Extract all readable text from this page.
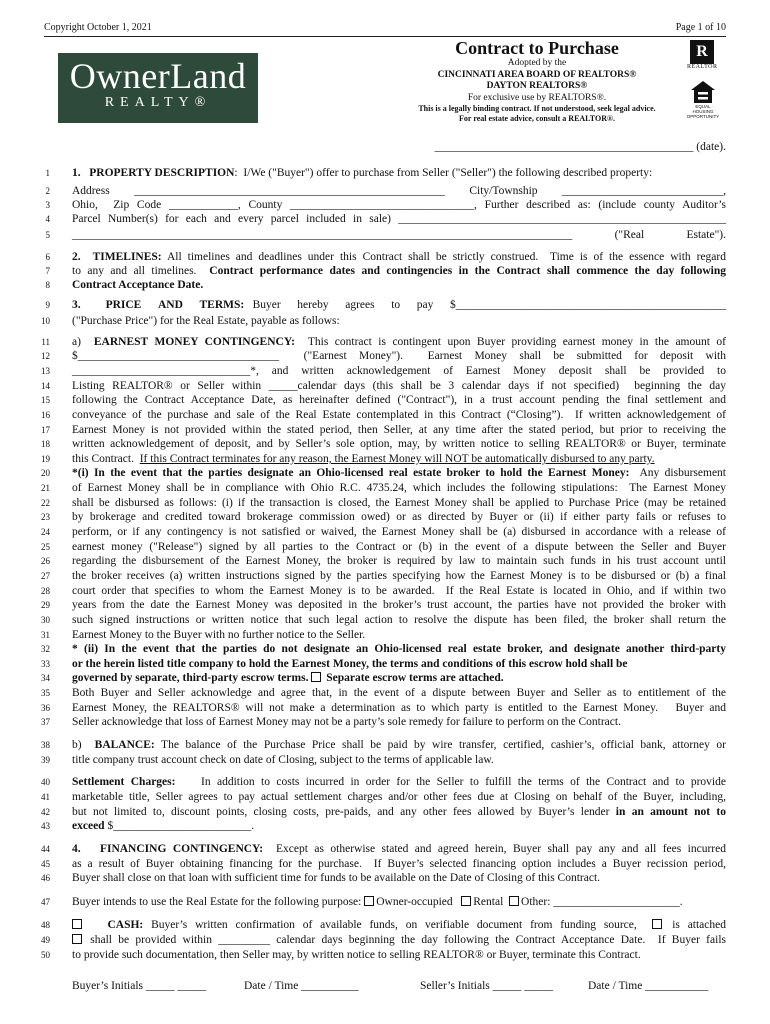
Copyright October 1, 2021	Page 1 of 10
OwnerLand
REALTY®
Contract to Purchase
Adopted by the
CINCINNATI AREA BOARD OF REALTORS®
DAYTON REALTORS®
For exclusive use by REALTORS®.
This is a legally binding contract. If not understood, seek legal advice.
For real estate advice, consult a REALTOR®.
R
REALTOR
EQUAL HOUSING
OPPORTUNITY
_____________________________________________ (date).
1 1.   PROPERTY DESCRIPTION:  I/We ("Buyer") offer to purchase from Seller ("Seller") the following described property:
2 Address ______________________________________________________ City/Township ____________________________,
3 Ohio,  Zip Code ____________, County ________________________________, Further described as: (include county Auditor’s
4 Parcel Number(s) for each and every parcel included in sale) _________________________________________________________
5 _______________________________________________________________________________________ ("Real Estate").
6 2.  TIMELINES: All timelines and deadlines under this Contract shall be strictly construed.  Time is of the essence with regard
7 to any and all timelines.  Contract performance dates and contingencies in the Contract shall commence the day following
8 Contract Acceptance Date.
9 3.   PRICE  AND  TERMS: Buyer  hereby  agrees  to  pay  $_______________________________________________
10 ("Purchase Price") for the Real Estate, payable as follows:
11 a)  EARNEST MONEY CONTINGENCY:  This contract is contingent upon Buyer providing earnest money in the amount of
12 $___________________________________  ("Earnest Money").  Earnest Money shall be submitted for deposit with
13 _______________________________*, and written acknowledgement of Earnest Money deposit shall be provided to
14 Listing REALTOR® or Seller within _____calendar days (this shall be 3 calendar days if not specified)  beginning the day
15 following the Contract Acceptance Date, as hereinafter defined ("Contract"), in a trust account pending the final settlement and
16 conveyance of the purchase and sale of the Real Estate contemplated in this Contract (“Closing”).  If written acknowledgement of
17 Earnest Money is not provided within the stated period, then Seller, at any time after the stated period, but prior to receiving the
18 written acknowledgement of deposit, and by Seller’s sole option, may, by written notice to selling REALTOR® or Buyer, terminate
19 this Contract.  If this Contract terminates for any reason, the Earnest Money will NOT be automatically disbursed to any party.
20 *(i) In the event that the parties designate an Ohio-licensed real estate broker to hold the Earnest Money:  Any disbursement
21 of Earnest Money shall be in compliance with Ohio R.C. 4735.24, which includes the following stipulations:  The Earnest Money
22 shall be disbursed as follows: (i) if the transaction is closed, the Earnest Money shall be applied to Purchase Price (may be retained
23 by brokerage and credited toward brokerage commission owed) or as directed by Buyer or (ii) if either party fails or refuses to
24 perform, or if any contingency is not satisfied or waived, the Earnest Money shall be (a) disbursed in accordance with a release of
25 earnest money ("Release") signed by all parties to the Contract or (b) in the event of a dispute between the Seller and Buyer
26 regarding the disbursement of the Earnest Money, the broker is required by law to maintain such funds in his trust account until
27 the broker receives (a) written instructions signed by the parties specifying how the Earnest Money is to be disbursed or (b) a final
28 court order that specifies to whom the Earnest Money is to be awarded.  If the Real Estate is located in Ohio, and if within two
29 years from the date the Earnest Money was deposited in the broker’s trust account, the parties have not provided the broker with
30 such signed instructions or written notice that such legal action to resolve the dispute has been filed, the broker shall return the
31 Earnest Money to the Buyer with no further notice to the Seller.
32 * (ii) In the event that the parties do not designate an Ohio-licensed real estate broker, and designate another third-party
33 or the herein listed title company to hold the Earnest Money, the terms and conditions of this escrow hold shall be
34 governed by separate, third-party escrow terms.  Separate escrow terms are attached.
35 Both Buyer and Seller acknowledge and agree that, in the event of a dispute between Buyer and Seller as to entitlement of the
36 Earnest Money, the REALTORS® will not make a determination as to which party is entitled to the Earnest Money.   Buyer and
37 Seller acknowledge that loss of Earnest Money may not be a party’s sole remedy for failure to perform on the Contract.
38 b)  BALANCE: The balance of the Purchase Price shall be paid by wire transfer, certified, cashier’s, official bank, attorney or
39 title company trust account check on date of Closing, subject to the terms of applicable law.
40 Settlement Charges:    In addition to costs incurred in order for the Seller to fulfill the terms of the Contract and to provide
41 marketable title, Seller agrees to pay actual settlement charges and/or other fees due at Closing on behalf of the Buyer, including,
42 but not limited to, discount points, closing costs, pre-paids, and any other fees allowed by Buyer’s lender in an amount not to
43 exceed $________________________.
44 4.   FINANCING CONTINGENCY:  Except as otherwise stated and agreed herein, Buyer shall pay any and all fees incurred
45 as a result of Buyer obtaining financing for the purchase.  If Buyer’s selected financing option includes a Buyer recission period,
46 Buyer shall close on that loan with sufficient time for funds to be available on the Date of Closing of this Contract.
47 Buyer intends to use the Real Estate for the following purpose: Owner-occupied   Rental  Other: ______________________.
48	CASH: Buyer’s written confirmation of available funds, on verifiable document from funding source,   is attached
49	shall be provided within _________ calendar days beginning the day following the Contract Acceptance Date.  If Buyer fails
50 to provide such documentation, then Seller may, by written notice to selling REALTOR® or Buyer, terminate this Contract.
Buyer’s Initials _____ _____	Date / Time __________	Seller’s Initials _____ _____	Date / Time ___________
